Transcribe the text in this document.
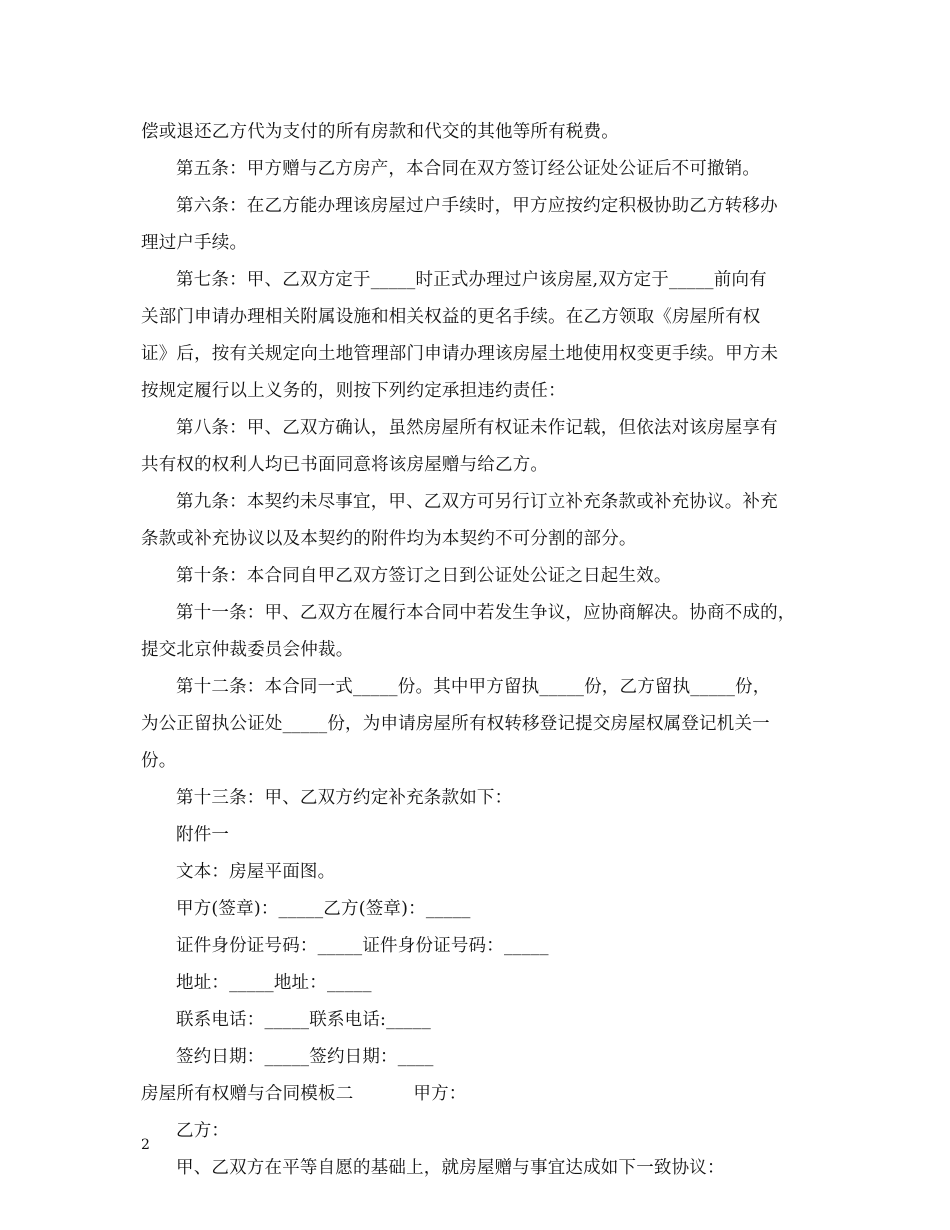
偿或退还乙方代为支付的所有房款和代交的其他等所有税费。
第五条：甲方赠与乙方房产，本合同在双方签订经公证处公证后不可撤销。
第六条：在乙方能办理该房屋过户手续时，甲方应按约定积极协助乙方转移办
理过户手续。
第七条：甲、乙双方定于_____时正式办理过户该房屋,双方定于_____前向有
关部门申请办理相关附属设施和相关权益的更名手续。在乙方领取《房屋所有权
证》后，按有关规定向土地管理部门申请办理该房屋土地使用权变更手续。甲方未
按规定履行以上义务的，则按下列约定承担违约责任：
第八条：甲、乙双方确认，虽然房屋所有权证未作记载，但依法对该房屋享有
共有权的权利人均已书面同意将该房屋赠与给乙方。
第九条：本契约未尽事宜，甲、乙双方可另行订立补充条款或补充协议。补充
条款或补充协议以及本契约的附件均为本契约不可分割的部分。
第十条：本合同自甲乙双方签订之日到公证处公证之日起生效。
第十一条：甲、乙双方在履行本合同中若发生争议，应协商解决。协商不成的，
提交北京仲裁委员会仲裁。
第十二条：本合同一式_____份。其中甲方留执_____份，乙方留执_____份，
为公正留执公证处_____份，为申请房屋所有权转移登记提交房屋权属登记机关一
份。
第十三条：甲、乙双方约定补充条款如下：
附件一
文本：房屋平面图。
甲方(签章)：_____乙方(签章)：_____
证件身份证号码：_____证件身份证号码：_____
地址：_____地址：_____
联系电话：_____联系电话:_____
签约日期：_____签约日期：____
房屋所有权赠与合同模板二	甲方：
乙方：
甲、乙双方在平等自愿的基础上，就房屋赠与事宜达成如下一致协议：
2
